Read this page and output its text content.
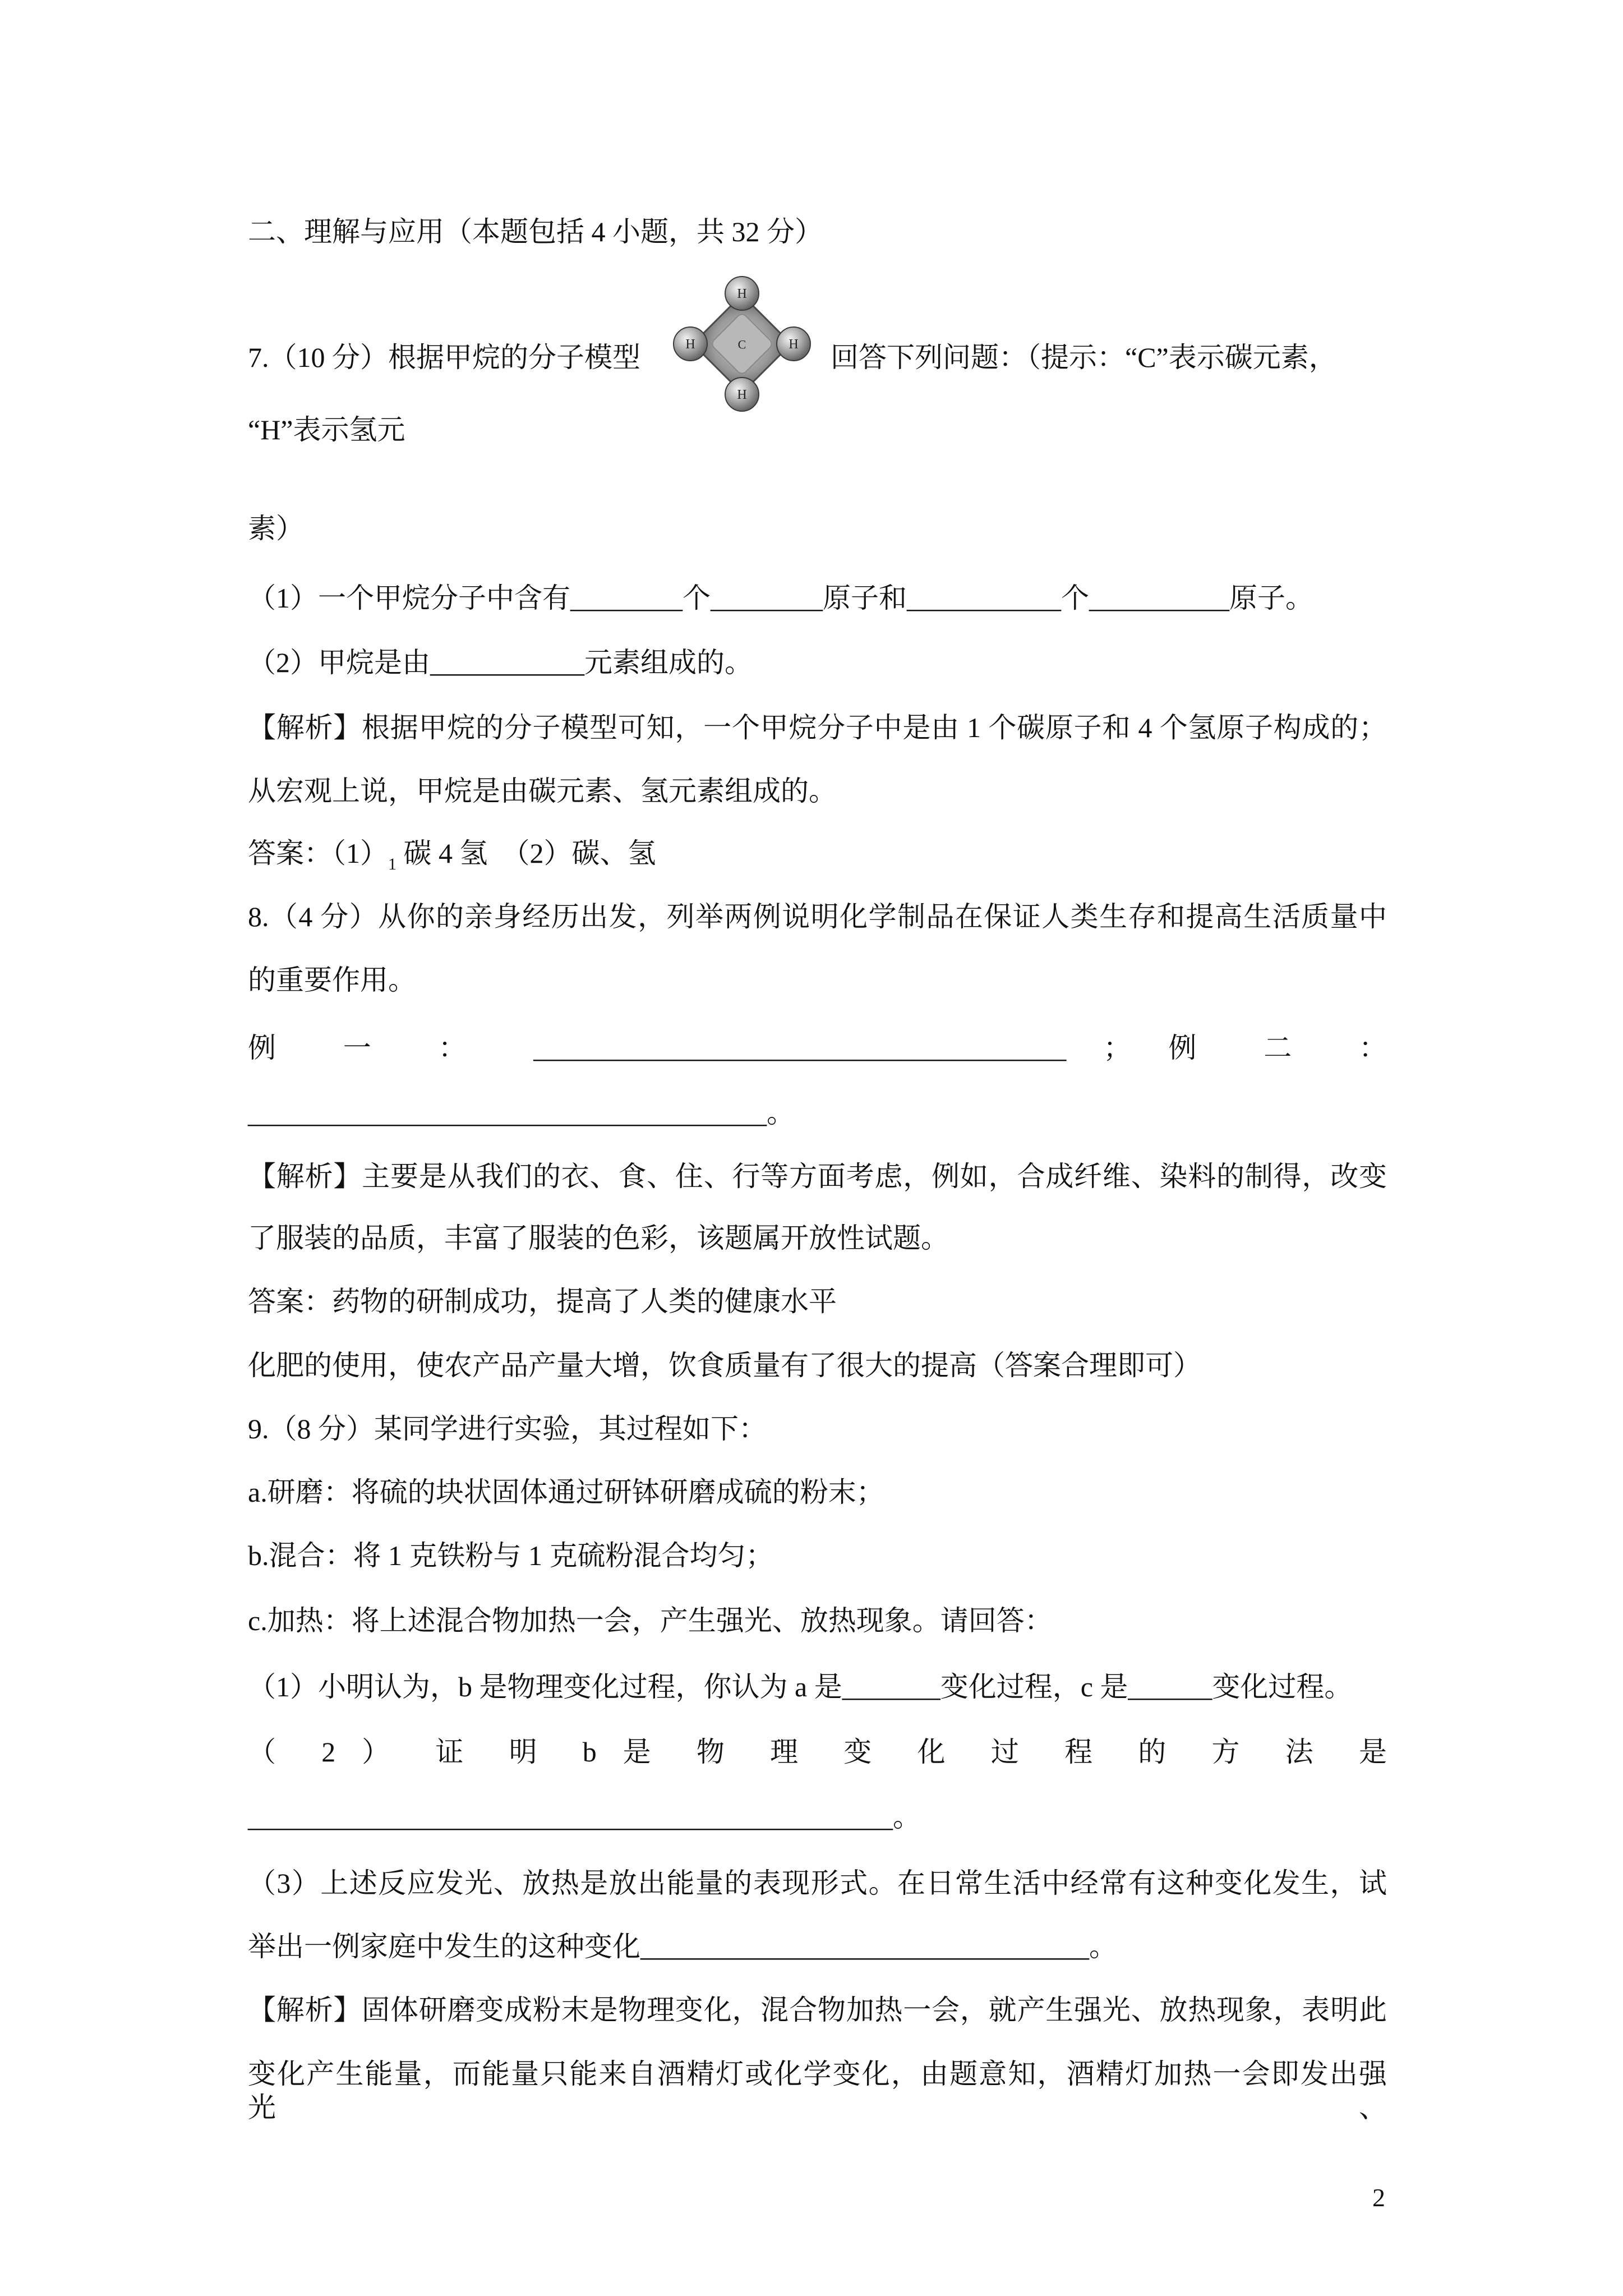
二、理解与应用（本题包括 4 小题，共 32 分）
7.（10 分）根据甲烷的分子模型	C
H
H	H
H
回答下列问题：（提示：“C”表示碳元素，
“H”表示氢元
素）
（1）一个甲烷分子中含有________个________原子和___________个__________原子。
（2）甲烷是由___________元素组成的。
【解析】根据甲烷的分子模型可知，一个甲烷分子中是由 1 个碳原子和 4 个氢原子构成的；
从宏观上说，甲烷是由碳元素、氢元素组成的。
答案：$(1)_1$ 碳 4 氢  （2）碳、氢
8.（4 分）从你的亲身经历出发，列举两例说明化学制品在保证人类生存和提高生活质量中
的重要作用。
例 一 ： ______________________________________ ； 例 二 ：
_____________________________________。
【解析】主要是从我们的衣、食、住、行等方面考虑，例如，合成纤维、染料的制得，改变
了服装的品质，丰富了服装的色彩，该题属开放性试题。
答案：药物的研制成功，提高了人类的健康水平
化肥的使用，使农产品产量大增，饮食质量有了很大的提高（答案合理即可）
9.（8 分）某同学进行实验，其过程如下：
a.研磨：将硫的块状固体通过研钵研磨成硫的粉末；
b.混合：将 1 克铁粉与 1 克硫粉混合均匀；
c.加热：将上述混合物加热一会，产生强光、放热现象。请回答：
（1）小明认为，b 是物理变化过程，你认为 a 是_______变化过程，c 是______变化过程。
（ 2 ） 证 明 b 是 物 理 变 化 过 程 的 方 法 是
______________________________________________。
（3）上述反应发光、放热是放出能量的表现形式。在日常生活中经常有这种变化发生，试
举出一例家庭中发生的这种变化________________________________。
【解析】固体研磨变成粉末是物理变化，混合物加热一会，就产生强光、放热现象，表明此
变化产生能量，而能量只能来自酒精灯或化学变化，由题意知，酒精灯加热一会即发出强光、
2
